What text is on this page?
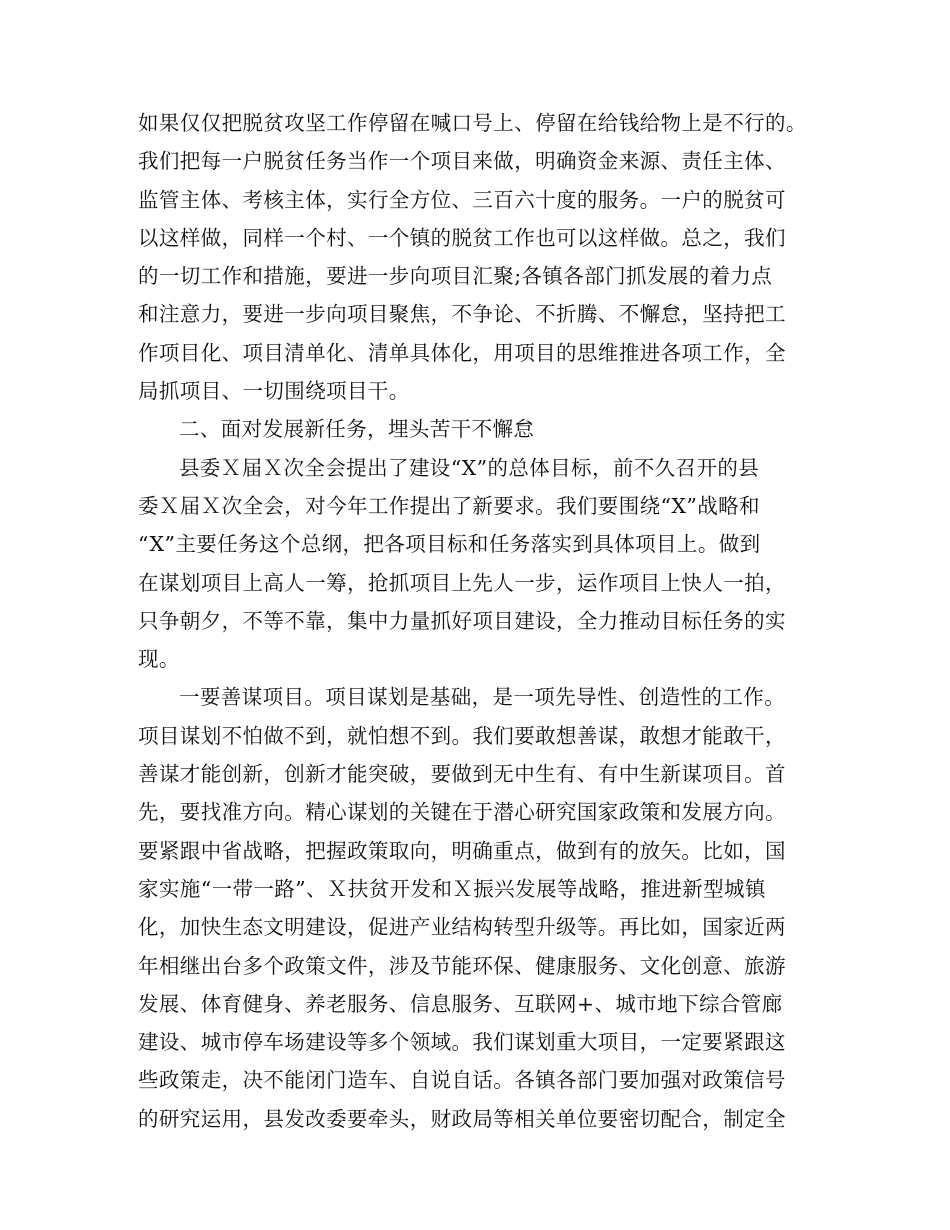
如果仅仅把脱贫攻坚工作停留在喊口号上、停留在给钱给物上是不行的。
我们把每一户脱贫任务当作一个项目来做，明确资金来源、责任主体、
监管主体、考核主体，实行全方位、三百六十度的服务。一户的脱贫可
以这样做，同样一个村、一个镇的脱贫工作也可以这样做。总之，我们
的一切工作和措施，要进一步向项目汇聚;各镇各部门抓发展的着力点
和注意力，要进一步向项目聚焦，不争论、不折腾、不懈怠，坚持把工
作项目化、项目清单化、清单具体化，用项目的思维推进各项工作，全
局抓项目、一切围绕项目干。
二、面对发展新任务，埋头苦干不懈怠
县委Ｘ届Ｘ次全会提出了建设“X”的总体目标，前不久召开的县
委Ｘ届Ｘ次全会，对今年工作提出了新要求。我们要围绕“X”战略和
“X”主要任务这个总纲，把各项目标和任务落实到具体项目上。做到
在谋划项目上高人一筹，抢抓项目上先人一步，运作项目上快人一拍，
只争朝夕，不等不靠，集中力量抓好项目建设，全力推动目标任务的实
现。
一要善谋项目。项目谋划是基础，是一项先导性、创造性的工作。
项目谋划不怕做不到，就怕想不到。我们要敢想善谋，敢想才能敢干，
善谋才能创新，创新才能突破，要做到无中生有、有中生新谋项目。首
先，要找准方向。精心谋划的关键在于潜心研究国家政策和发展方向。
要紧跟中省战略，把握政策取向，明确重点，做到有的放矢。比如，国
家实施“一带一路”、Ｘ扶贫开发和Ｘ振兴发展等战略，推进新型城镇
化，加快生态文明建设，促进产业结构转型升级等。再比如，国家近两
年相继出台多个政策文件，涉及节能环保、健康服务、文化创意、旅游
发展、体育健身、养老服务、信息服务、互联网+、城市地下综合管廊
建设、城市停车场建设等多个领域。我们谋划重大项目，一定要紧跟这
些政策走，决不能闭门造车、自说自话。各镇各部门要加强对政策信号
的研究运用，县发改委要牵头，财政局等相关单位要密切配合，制定全
